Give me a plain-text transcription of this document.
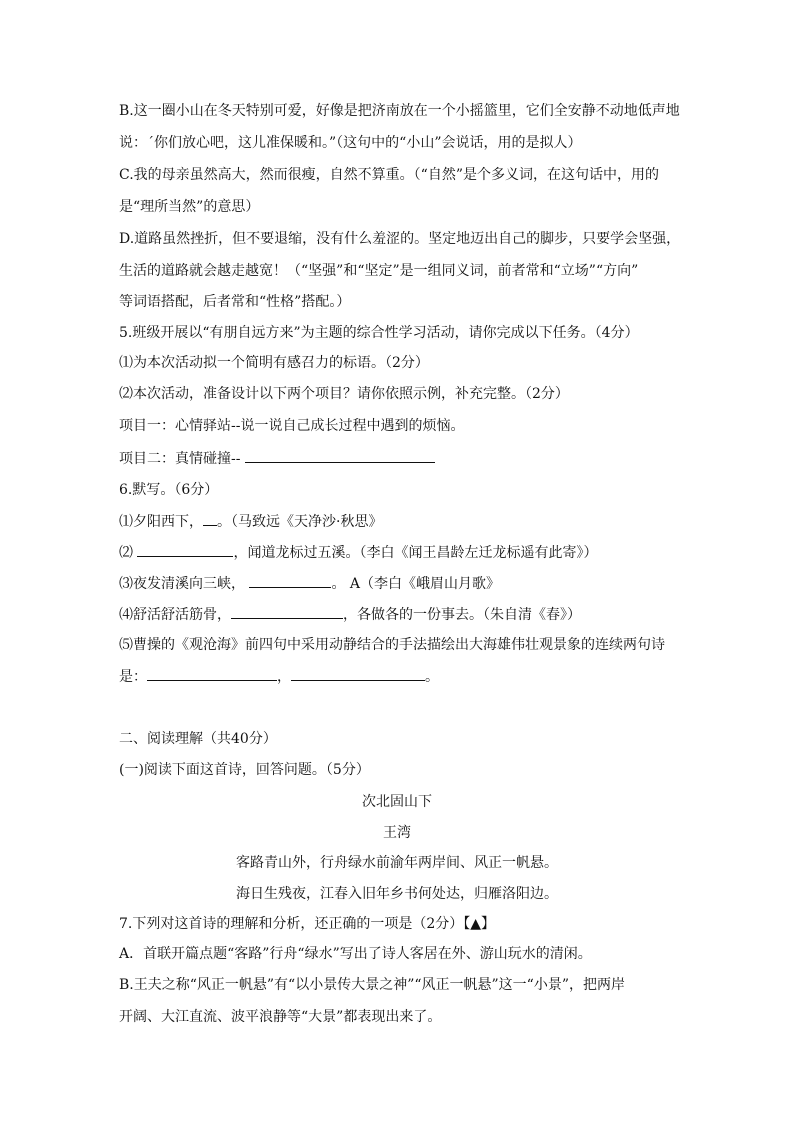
B.这一圈小山在冬天特别可爱，好像是把济南放在一个小摇篮里，它们全安静不动地低声地
说：´你们放心吧，这儿准保暖和。”（这句中的“小山”会说话，用的是拟人）
C.我的母亲虽然高大，然而很瘦，自然不算重。（“自然”是个多义词，在这句话中，用的
是“理所当然”的意思）
D.道路虽然挫折，但不要退缩，没有什么羞涩的。坚定地迈出自己的脚步，只要学会坚强，
生活的道路就会越走越宽！（“坚强”和“坚定”是一组同义词，前者常和“立场”“方向”
等词语搭配，后者常和“性格”搭配。）
5.班级开展以“有朋自远方来”为主题的综合性学习活动，请你完成以下任务。（4分）
⑴为本次活动拟一个简明有感召力的标语。（2分）
⑵本次活动，准备设计以下两个项目？请你依照示例，补充完整。（2分）
项目一：心情驿站--说一说自己成长过程中遇到的烦恼。
项目二：真情碰撞--
6.默写。（6分）
⑴夕阳西下， 。（马致远《天净沙·秋思》
⑵	，闻道龙标过五溪。（李白《闻王昌龄左迁龙标遥有此寄》）
⑶夜发清溪向三峡，	。 A（李白《峨眉山月歌》
⑷舒活舒活筋骨，	，各做各的一份事去。（朱自清《春》）
⑸曹操的《观沧海》前四句中采用动静结合的手法描绘出大海雄伟壮观景象的连续两句诗
是：	，	。
二、阅读理解（共40分）
(一)阅读下面这首诗，回答问题。（5分）
次北固山下
王湾
客路青山外，行舟绿水前渝年两岸间、风正一帆悬。
海日生残夜，江春入旧年乡书何处达，归雁洛阳边。
7.下列对这首诗的理解和分析，还正确的一项是（2分）【▲】
A．首联开篇点题“客路”行舟“绿水”写出了诗人客居在外、游山玩水的清闲。
B.王夫之称“风正一帆悬”有“以小景传大景之神”“风正一帆悬”这一“小景”，把两岸
开阔、大江直流、波平浪静等“大景”都表现出来了。
